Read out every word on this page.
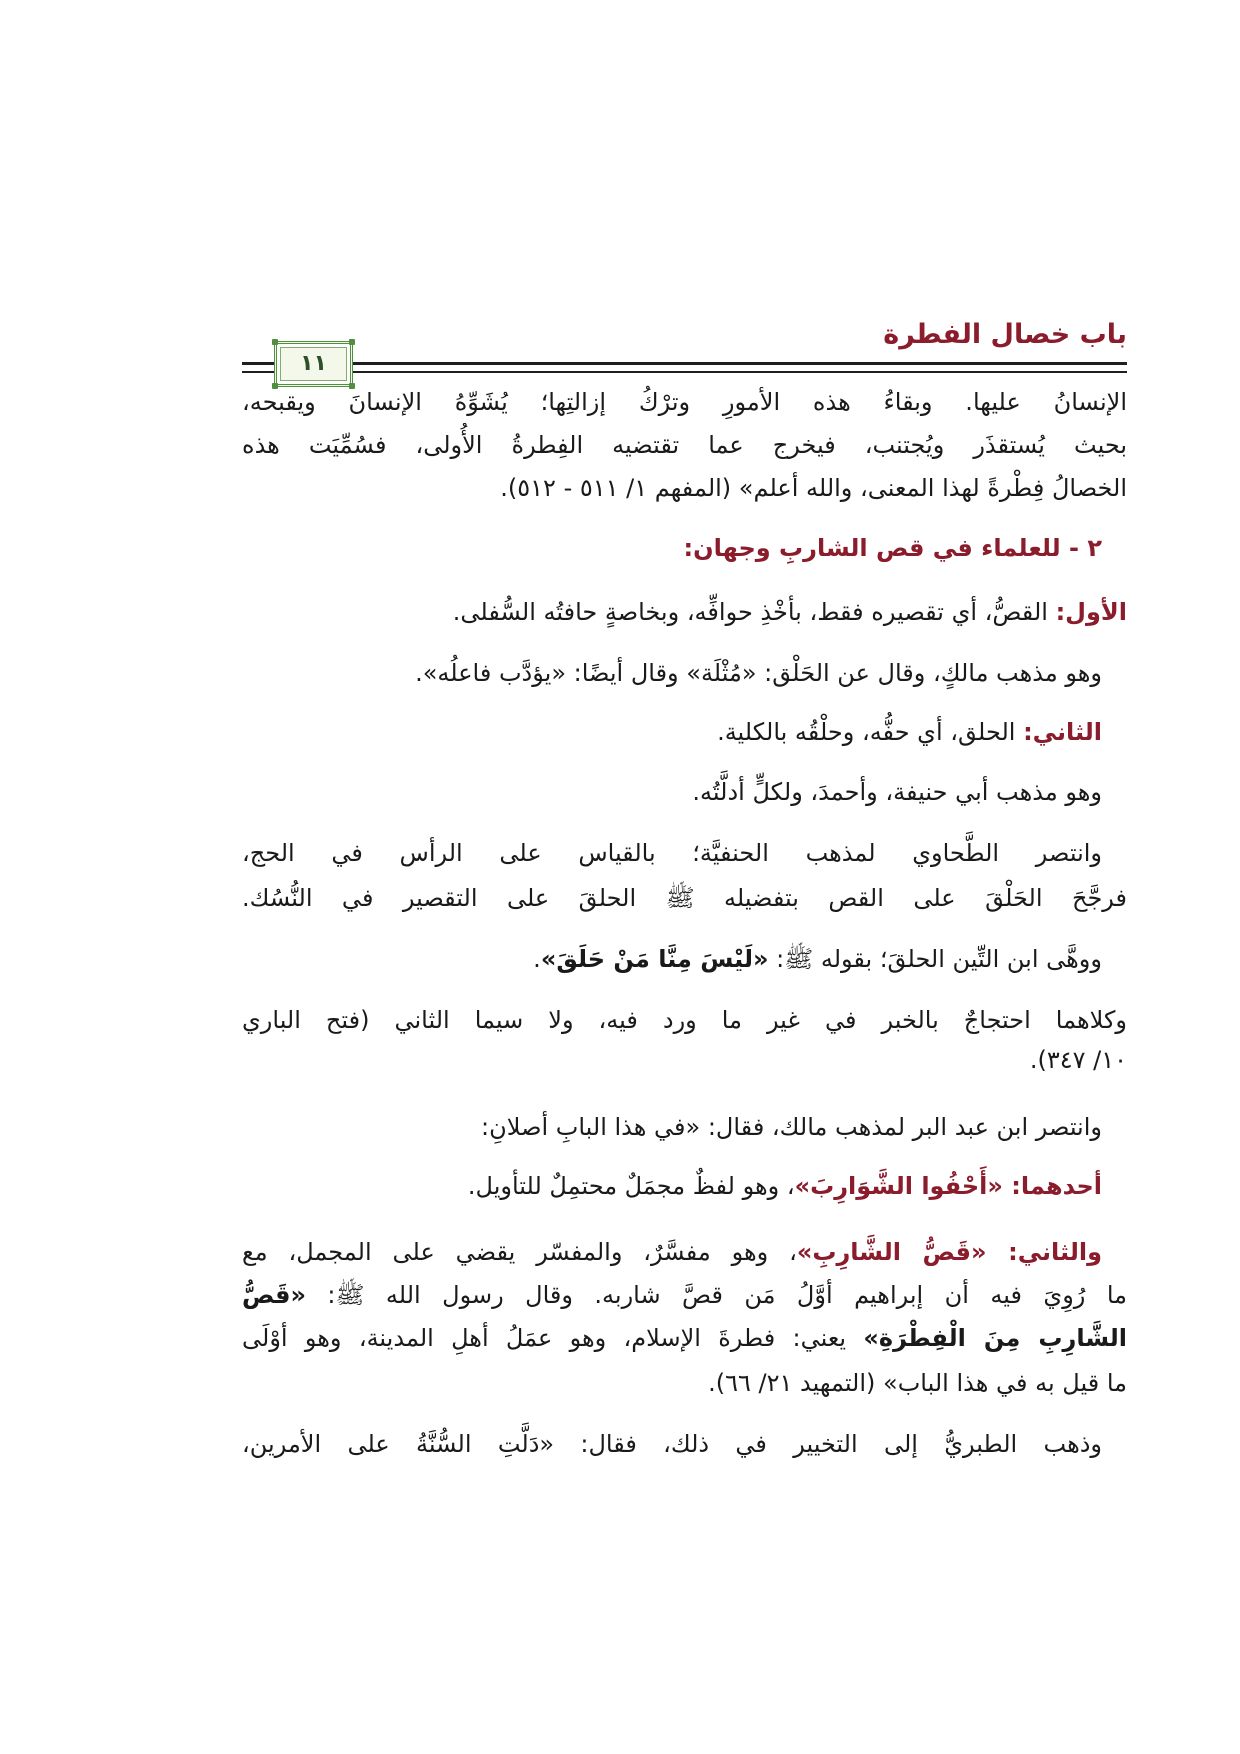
باب خصال الفطرة
١١
الإنسانُ عليها. وبقاءُ هذه الأمورِ وترْكُ إزالتِها؛ يُشَوِّهُ الإنسانَ ويقبحه،
بحيث يُستقذَر ويُجتنب، فيخرج عما تقتضيه الفِطرةُ الأُولى، فسُمِّيَت هذه
الخصالُ فِطْرةً لهذا المعنى، والله أعلم» (المفهم ١/ ٥١١ - ٥١٢).
٢ - للعلماء في قص الشاربِ وجهان:
الأول: القصُّ، أي تقصيره فقط، بأخْذِ حوافِّه، وبخاصةٍ حافتُه السُّفلى.
وهو مذهب مالكٍ، وقال عن الحَلْق: «مُثْلَة» وقال أيضًا: «يؤدَّب فاعلُه».
الثاني: الحلق، أي حفُّه، وحلْقُه بالكلية.
وهو مذهب أبي حنيفة، وأحمدَ، ولكلٍّ أدلَّتُه.
وانتصر الطَّحاوي لمذهب الحنفيَّة؛ بالقياس على الرأس في الحج،
فرجَّحَ الحَلْقَ على القص بتفضيله ﷺ الحلقَ على التقصير في النُّسُك.
ووهَّى ابن التِّين الحلقَ؛ بقوله ﷺ: «لَيْسَ مِنَّا مَنْ حَلَقَ».
وكلاهما احتجاجٌ بالخبر في غير ما ورد فيه، ولا سيما الثاني (فتح الباري
١٠/ ٣٤٧).
وانتصر ابن عبد البر لمذهب مالك، فقال: «في هذا البابِ أصلانِ:
أحدهما: «أَحْفُوا الشَّوَارِبَ»، وهو لفظٌ مجمَلٌ محتمِلٌ للتأويل.
والثاني: «قَصُّ الشَّارِبِ»، وهو مفسَّرٌ، والمفسّر يقضي على المجمل، مع
ما رُوِيَ فيه أن إبراهيم أوَّلُ مَن قصَّ شاربه. وقال رسول الله ﷺ: «قَصُّ
الشَّارِبِ مِنَ الْفِطْرَةِ» يعني: فطرةَ الإسلام، وهو عمَلُ أهلِ المدينة، وهو أوْلَى
ما قيل به في هذا الباب» (التمهيد ٢١/ ٦٦).
وذهب الطبريُّ إلى التخيير في ذلك، فقال: «دَلَّتِ السُّنَّةُ على الأمرين،
